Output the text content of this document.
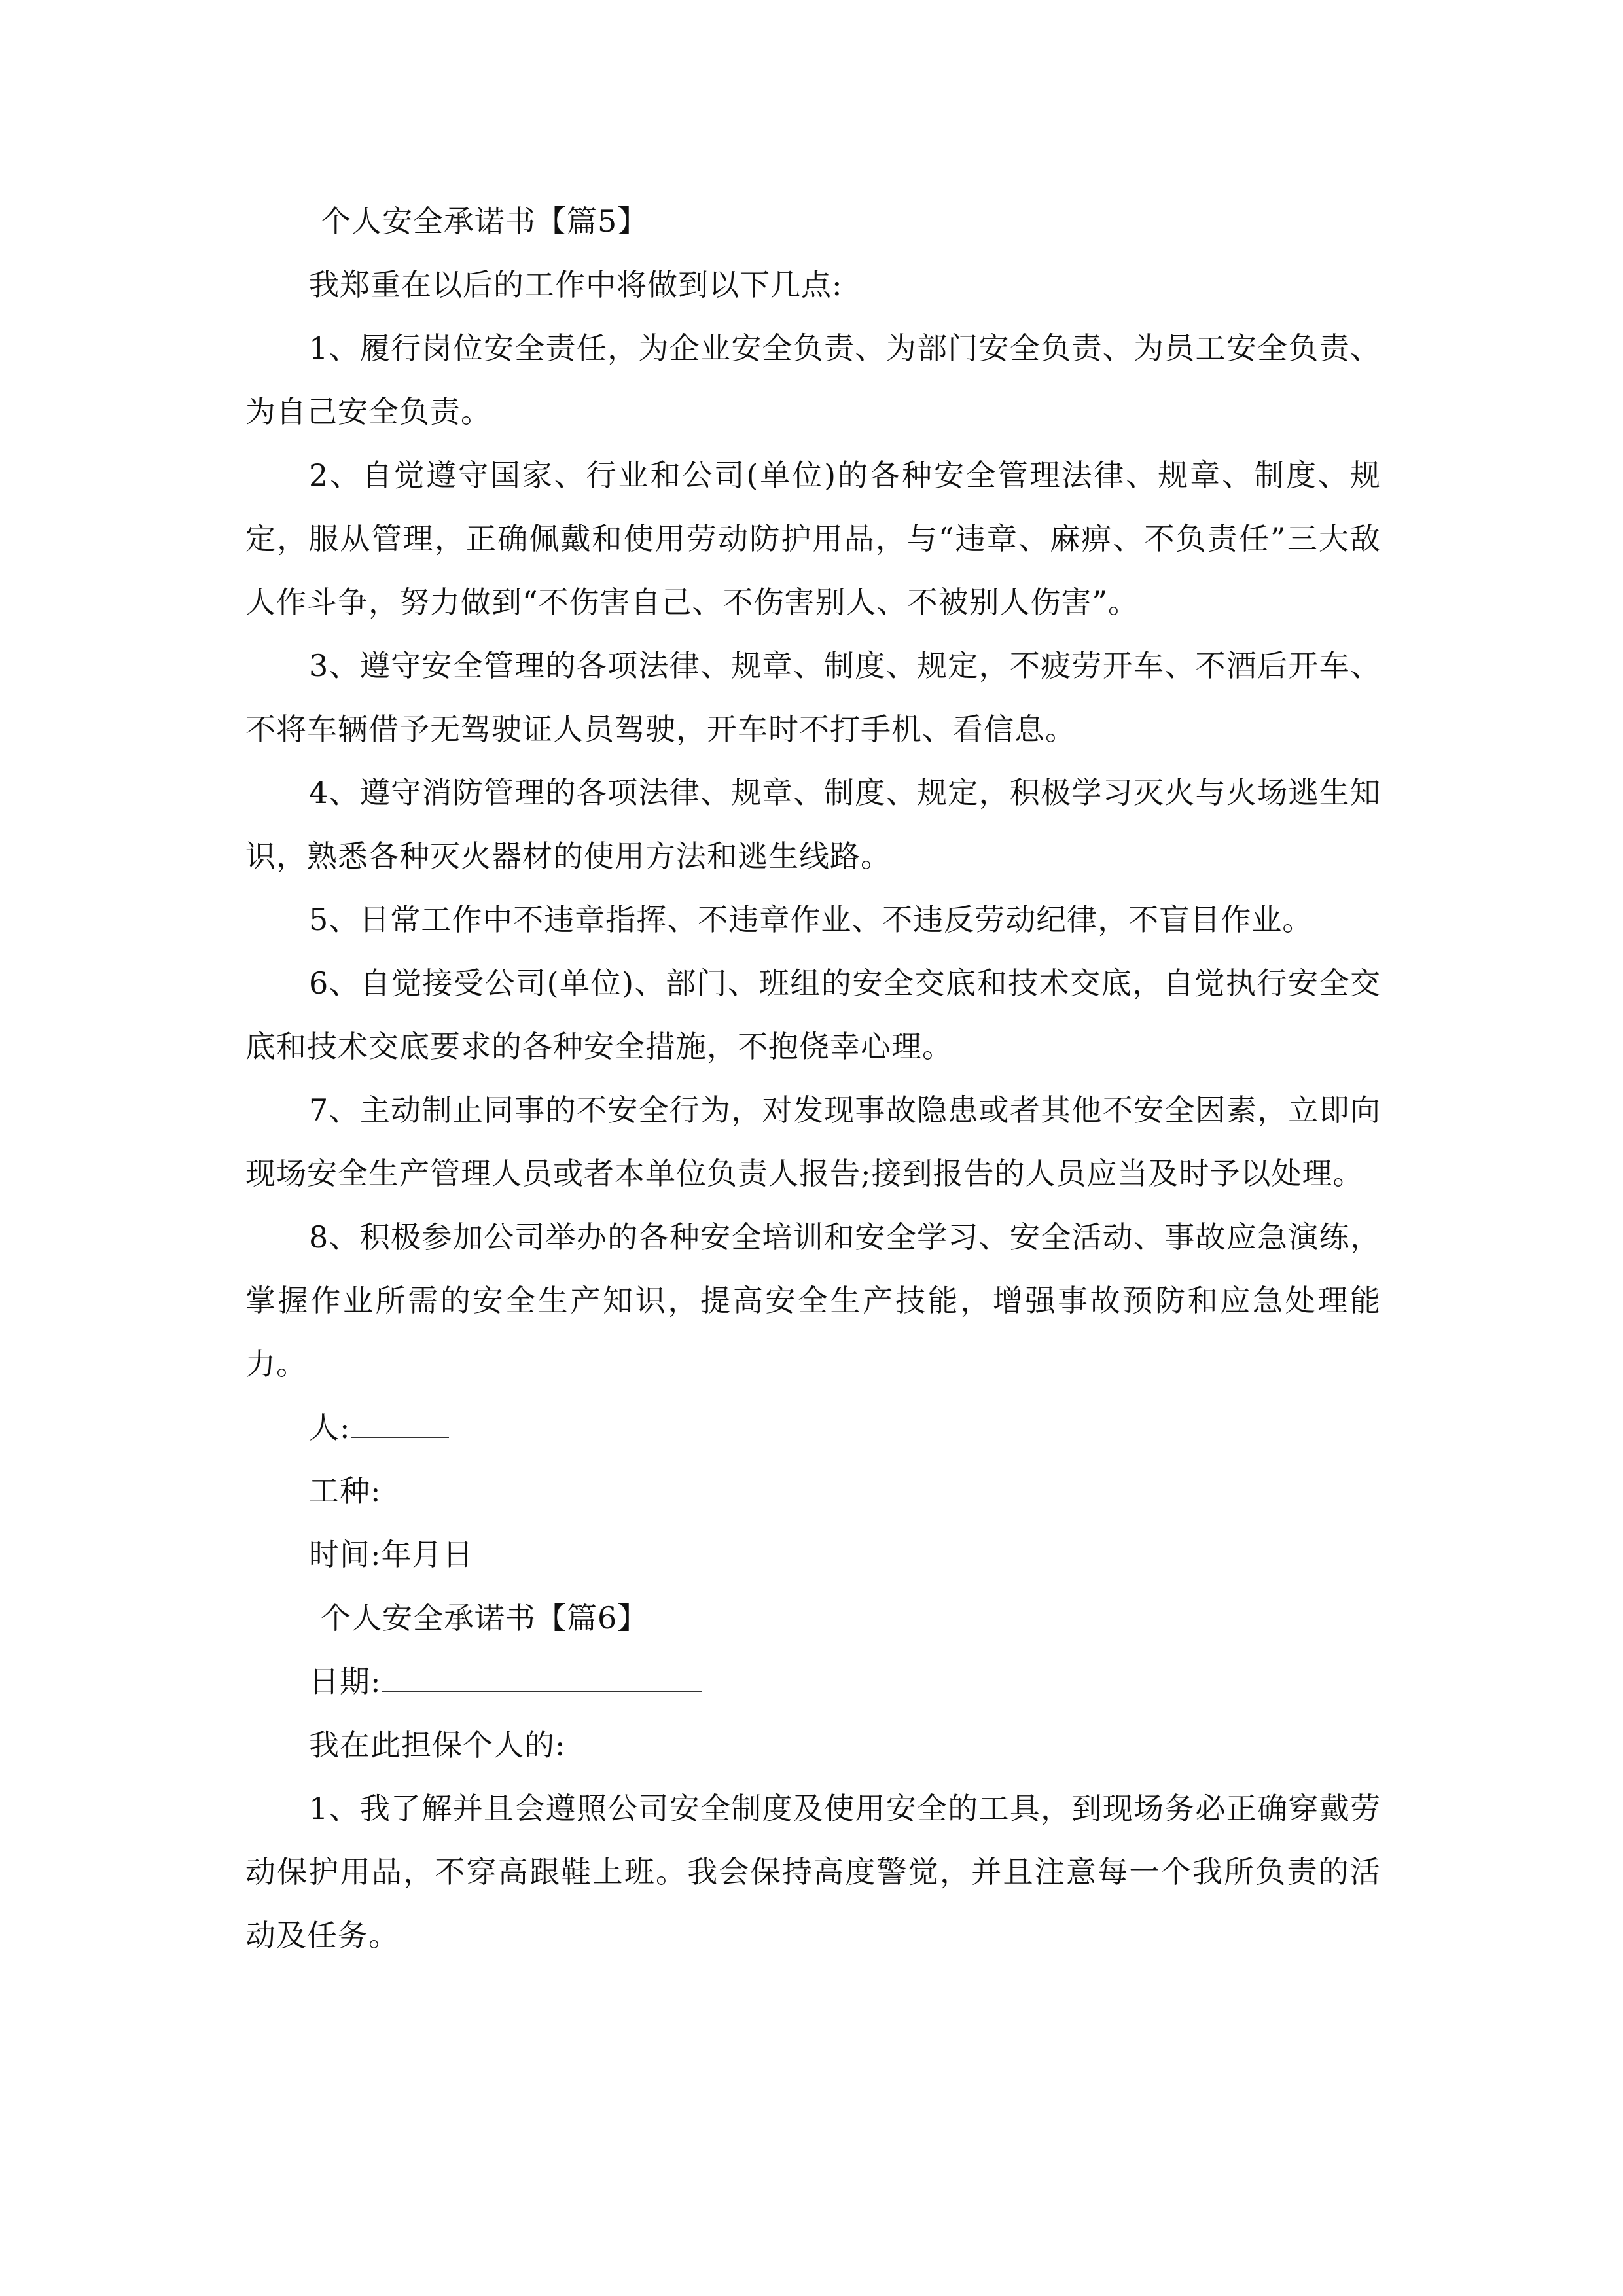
个人安全承诺书【篇5】
我郑重在以后的工作中将做到以下几点:

1、履行岗位安全责任，为企业安全负责、为部门安全负责、为员工安全负责、为自己安全负责。

2、自觉遵守国家、行业和公司(单位)的各种安全管理法律、规章、制度、规定，服从管理，正确佩戴和使用劳动防护用品，与“违章、麻痹、不负责任”三大敌人作斗争，努力做到“不伤害自己、不伤害别人、不被别人伤害”。

3、遵守安全管理的各项法律、规章、制度、规定，不疲劳开车、不酒后开车、不将车辆借予无驾驶证人员驾驶，开车时不打手机、看信息。

4、遵守消防管理的各项法律、规章、制度、规定，积极学习灭火与火场逃生知识，熟悉各种灭火器材的使用方法和逃生线路。

5、日常工作中不违章指挥、不违章作业、不违反劳动纪律，不盲目作业。

6、自觉接受公司(单位)、部门、班组的安全交底和技术交底，自觉执行安全交底和技术交底要求的各种安全措施，不抱侥幸心理。

7、主动制止同事的不安全行为，对发现事故隐患或者其他不安全因素，立即向现场安全生产管理人员或者本单位负责人报告;接到报告的人员应当及时予以处理。

8、积极参加公司举办的各种安全培训和安全学习、安全活动、事故应急演练，掌握作业所需的安全生产知识，提高安全生产技能，增强事故预防和应急处理能力。

人:
工种:
时间:年月日
个人安全承诺书【篇6】
日期:
我在此担保个人的:

1、我了解并且会遵照公司安全制度及使用安全的工具，到现场务必正确穿戴劳动保护用品，不穿高跟鞋上班。我会保持高度警觉，并且注意每一个我所负责的活动及任务。
